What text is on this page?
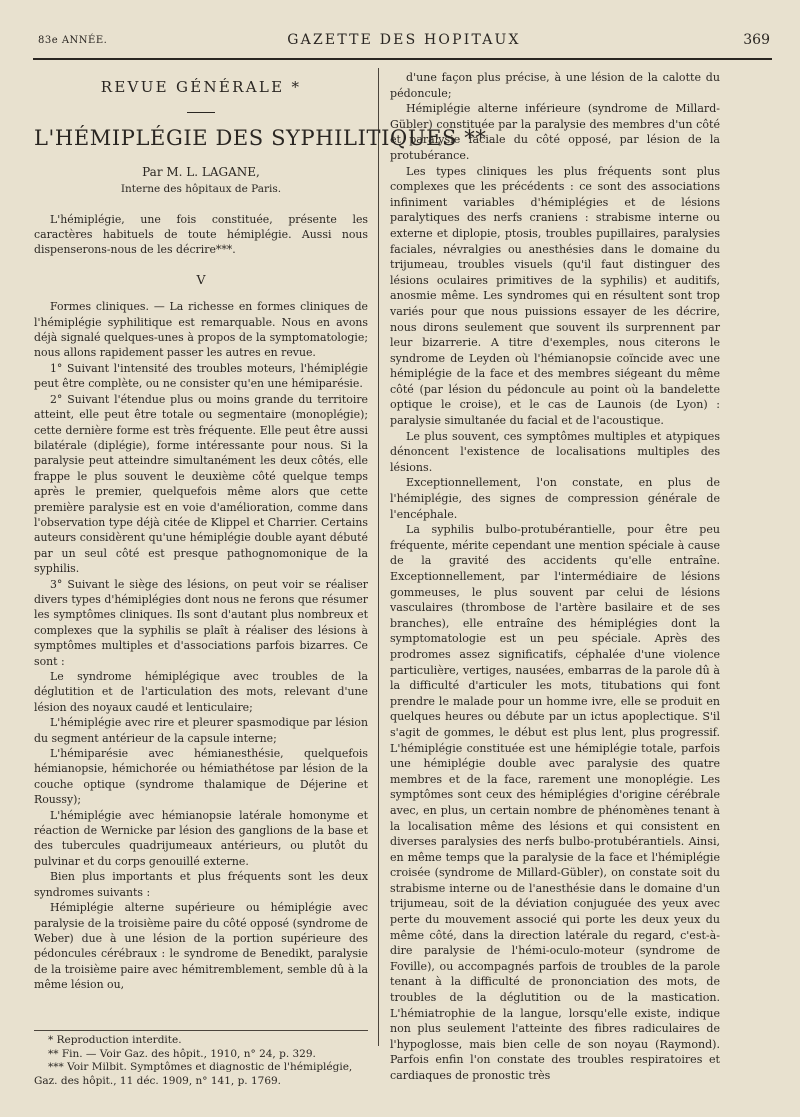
83e ANNÉE.	GAZETTE DES HOPITAUX	369

REVUE GÉNÉRALE *

L'HÉMIPLÉGIE DES SYPHILITIQUES **

Par M. L. LAGANE,

Interne des hôpitaux de Paris.

L'hémiplégie, une fois constituée, présente les caractères habituels de toute hémiplégie. Aussi nous dispenserons-nous de les décrire***.

V

Formes cliniques. — La richesse en formes cliniques de l'hémiplégie syphilitique est remarquable. Nous en avons déjà signalé quelques-unes à propos de la symptomatologie; nous allons rapidement passer les autres en revue.

1° Suivant l'intensité des troubles moteurs, l'hémiplégie peut être complète, ou ne consister qu'en une hémiparésie.

2° Suivant l'étendue plus ou moins grande du territoire atteint, elle peut être totale ou segmentaire (monoplégie); cette dernière forme est très fréquente. Elle peut être aussi bilatérale (diplégie), forme intéressante pour nous. Si la paralysie peut atteindre simultanément les deux côtés, elle frappe le plus souvent le deuxième côté quelque temps après le premier, quelquefois même alors que cette première paralysie est en voie d'amélioration, comme dans l'observation type déjà citée de Klippel et Charrier. Certains auteurs considèrent qu'une hémiplégie double ayant débuté par un seul côté est presque pathognomonique de la syphilis.

3° Suivant le siège des lésions, on peut voir se réaliser divers types d'hémiplégies dont nous ne ferons que résumer les symptômes cliniques. Ils sont d'autant plus nombreux et complexes que la syphilis se plaît à réaliser des lésions à symptômes multiples et d'associations parfois bizarres. Ce sont :

Le syndrome hémiplégique avec troubles de la déglutition et de l'articulation des mots, relevant d'une lésion des noyaux caudé et lenticulaire;

L'hémiplégie avec rire et pleurer spasmodique par lésion du segment antérieur de la capsule interne;

L'hémiparésie avec hémianesthésie, quelquefois hémianopsie, hémichorée ou hémiathétose par lésion de la couche optique (syndrome thalamique de Déjerine et Roussy);

L'hémiplégie avec hémianopsie latérale homonyme et réaction de Wernicke par lésion des ganglions de la base et des tubercules quadrijumeaux antérieurs, ou plutôt du pulvinar et du corps genouillé externe.

Bien plus importants et plus fréquents sont les deux syndromes suivants :

Hémiplégie alterne supérieure ou hémiplégie avec paralysie de la troisième paire du côté opposé (syndrome de Weber) due à une lésion de la portion supérieure des pédoncules cérébraux : le syndrome de Benedikt, paralysie de la troisième paire avec hémitremblement, semble dû à la même lésion ou,

d'une façon plus précise, à une lésion de la calotte du pédoncule;

Hémiplégie alterne inférieure (syndrome de Millard-Gübler) constituée par la paralysie des membres d'un côté et paralysie faciale du côté opposé, par lésion de la protubérance.

Les types cliniques les plus fréquents sont plus complexes que les précédents : ce sont des associations infiniment variables d'hémiplégies et de lésions paralytiques des nerfs craniens : strabisme interne ou externe et diplopie, ptosis, troubles pupillaires, paralysies faciales, névralgies ou anesthésies dans le domaine du trijumeau, troubles visuels (qu'il faut distinguer des lésions oculaires primitives de la syphilis) et auditifs, anosmie même. Les syndromes qui en résultent sont trop variés pour que nous puissions essayer de les décrire, nous dirons seulement que souvent ils surprennent par leur bizarrerie. A titre d'exemples, nous citerons le syndrome de Leyden où l'hémianopsie coïncide avec une hémiplégie de la face et des membres siégeant du même côté (par lésion du pédoncule au point où la bandelette optique le croise), et le cas de Launois (de Lyon) : paralysie simultanée du facial et de l'acoustique.

Le plus souvent, ces symptômes multiples et atypiques dénoncent l'existence de localisations multiples des lésions.

Exceptionnellement, l'on constate, en plus de l'hémiplégie, des signes de compression générale de l'encéphale.

La syphilis bulbo-protubérantielle, pour être peu fréquente, mérite cependant une mention spéciale à cause de la gravité des accidents qu'elle entraîne. Exceptionnellement, par l'intermédiaire de lésions gommeuses, le plus souvent par celui de lésions vasculaires (thrombose de l'artère basilaire et de ses branches), elle entraîne des hémiplégies dont la symptomatologie est un peu spéciale. Après des prodromes assez significatifs, céphalée d'une violence particulière, vertiges, nausées, embarras de la parole dû à la difficulté d'articuler les mots, titubations qui font prendre le malade pour un homme ivre, elle se produit en quelques heures ou débute par un ictus apoplectique. S'il s'agit de gommes, le début est plus lent, plus progressif. L'hémiplégie constituée est une hémiplégie totale, parfois une hémiplégie double avec paralysie des quatre membres et de la face, rarement une monoplégie. Les symptômes sont ceux des hémiplégies d'origine cérébrale avec, en plus, un certain nombre de phénomènes tenant à la localisation même des lésions et qui consistent en diverses paralysies des nerfs bulbo-protubérantiels. Ainsi, en même temps que la paralysie de la face et l'hémiplégie croisée (syndrome de Millard-Gübler), on constate soit du strabisme interne ou de l'anesthésie dans le domaine d'un trijumeau, soit de la déviation conjuguée des yeux avec perte du mouvement associé qui porte les deux yeux du même côté, dans la direction latérale du regard, c'est-à-dire paralysie de l'hémi-oculo-moteur (syndrome de Foville), ou accompagnés parfois de troubles de la parole tenant à la difficulté de prononciation des mots, de troubles de la déglutition ou de la mastication. L'hémiatrophie de la langue, lorsqu'elle existe, indique non plus seulement l'atteinte des fibres radiculaires de l'hypoglosse, mais bien celle de son noyau (Raymond). Parfois enfin l'on constate des troubles respiratoires et cardiaques de pronostic très

* Reproduction interdite.

** Fin. — Voir Gaz. des hôpit., 1910, n° 24, p. 329.

*** Voir Milbit. Symptômes et diagnostic de l'hémiplégie, Gaz. des hôpit., 11 déc. 1909, n° 141, p. 1769.
